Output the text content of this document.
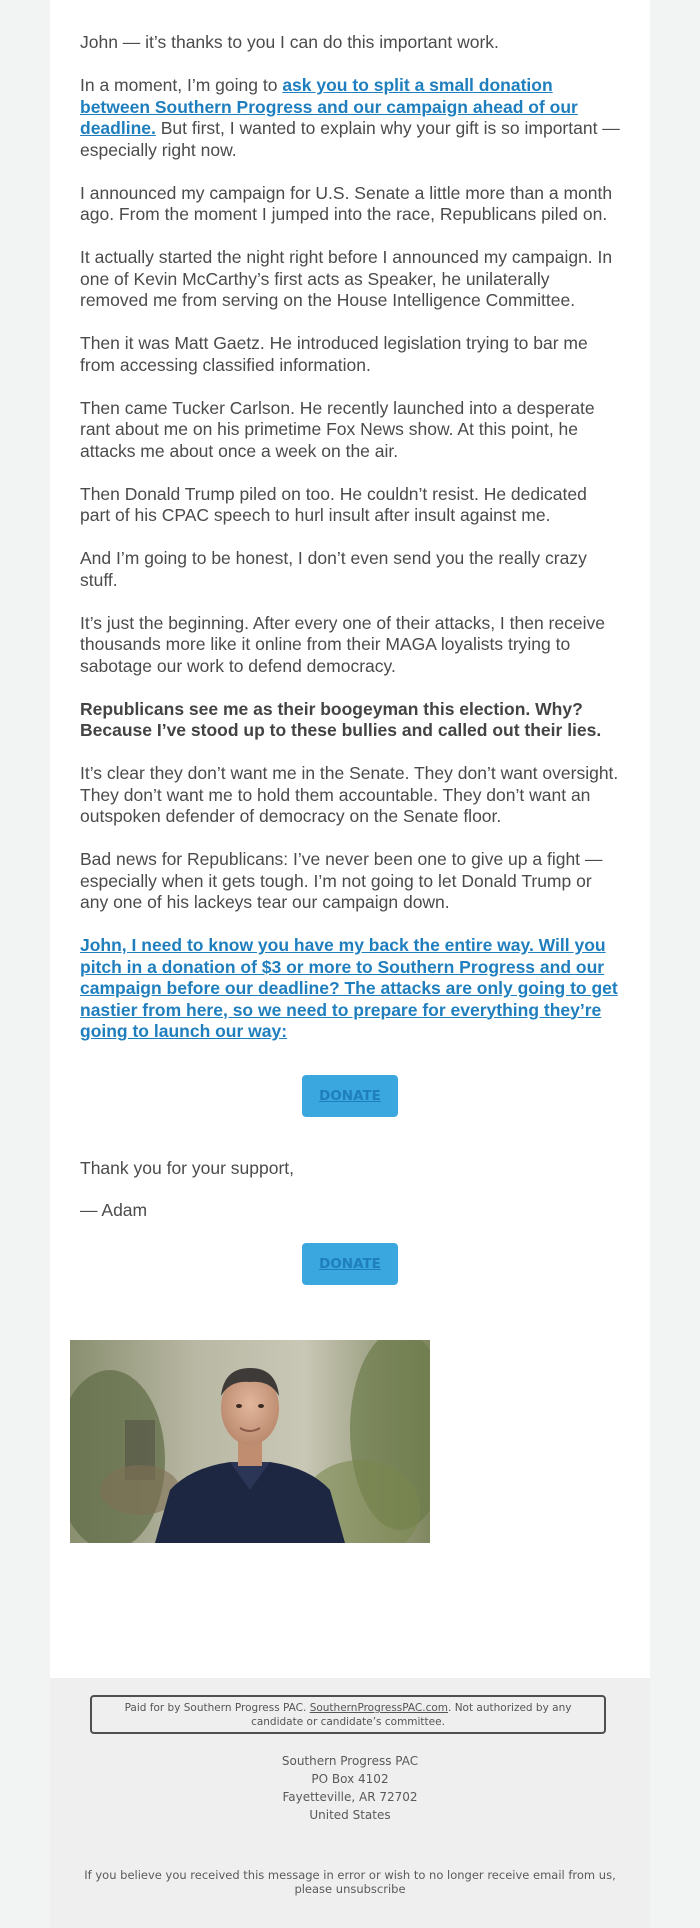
John — it’s thanks to you I can do this important work.

In a moment, I’m going to ask you to split a small donation between Southern Progress and our campaign ahead of our deadline. But first, I wanted to explain why your gift is so important — especially right now.

I announced my campaign for U.S. Senate a little more than a month ago. From the moment I jumped into the race, Republicans piled on.

It actually started the night right before I announced my campaign. In one of Kevin McCarthy’s first acts as Speaker, he unilaterally removed me from serving on the House Intelligence Committee.

Then it was Matt Gaetz. He introduced legislation trying to bar me from accessing classified information.

Then came Tucker Carlson. He recently launched into a desperate rant about me on his primetime Fox News show. At this point, he attacks me about once a week on the air.

Then Donald Trump piled on too. He couldn’t resist. He dedicated part of his CPAC speech to hurl insult after insult against me.

And I’m going to be honest, I don’t even send you the really crazy stuff.

It’s just the beginning. After every one of their attacks, I then receive thousands more like it online from their MAGA loyalists trying to sabotage our work to defend democracy.

Republicans see me as their boogeyman this election. Why? Because I’ve stood up to these bullies and called out their lies.

It’s clear they don’t want me in the Senate. They don’t want oversight. They don’t want me to hold them accountable. They don’t want an outspoken defender of democracy on the Senate floor.

Bad news for Republicans: I’ve never been one to give up a fight — especially when it gets tough. I’m not going to let Donald Trump or any one of his lackeys tear our campaign down.

John, I need to know you have my back the entire way. Will you pitch in a donation of $3 or more to Southern Progress and our campaign before our deadline? The attacks are only going to get nastier from here, so we need to prepare for everything they’re going to launch our way:

DONATE

Thank you for your support,

— Adam

DONATE
Paid for by Southern Progress PAC. SouthernProgressPAC.com. Not authorized by any candidate or candidate’s committee.
Southern Progress PAC
PO Box 4102
Fayetteville, AR 72702
United States
If you believe you received this message in error or wish to no longer receive email from us, please unsubscribe
